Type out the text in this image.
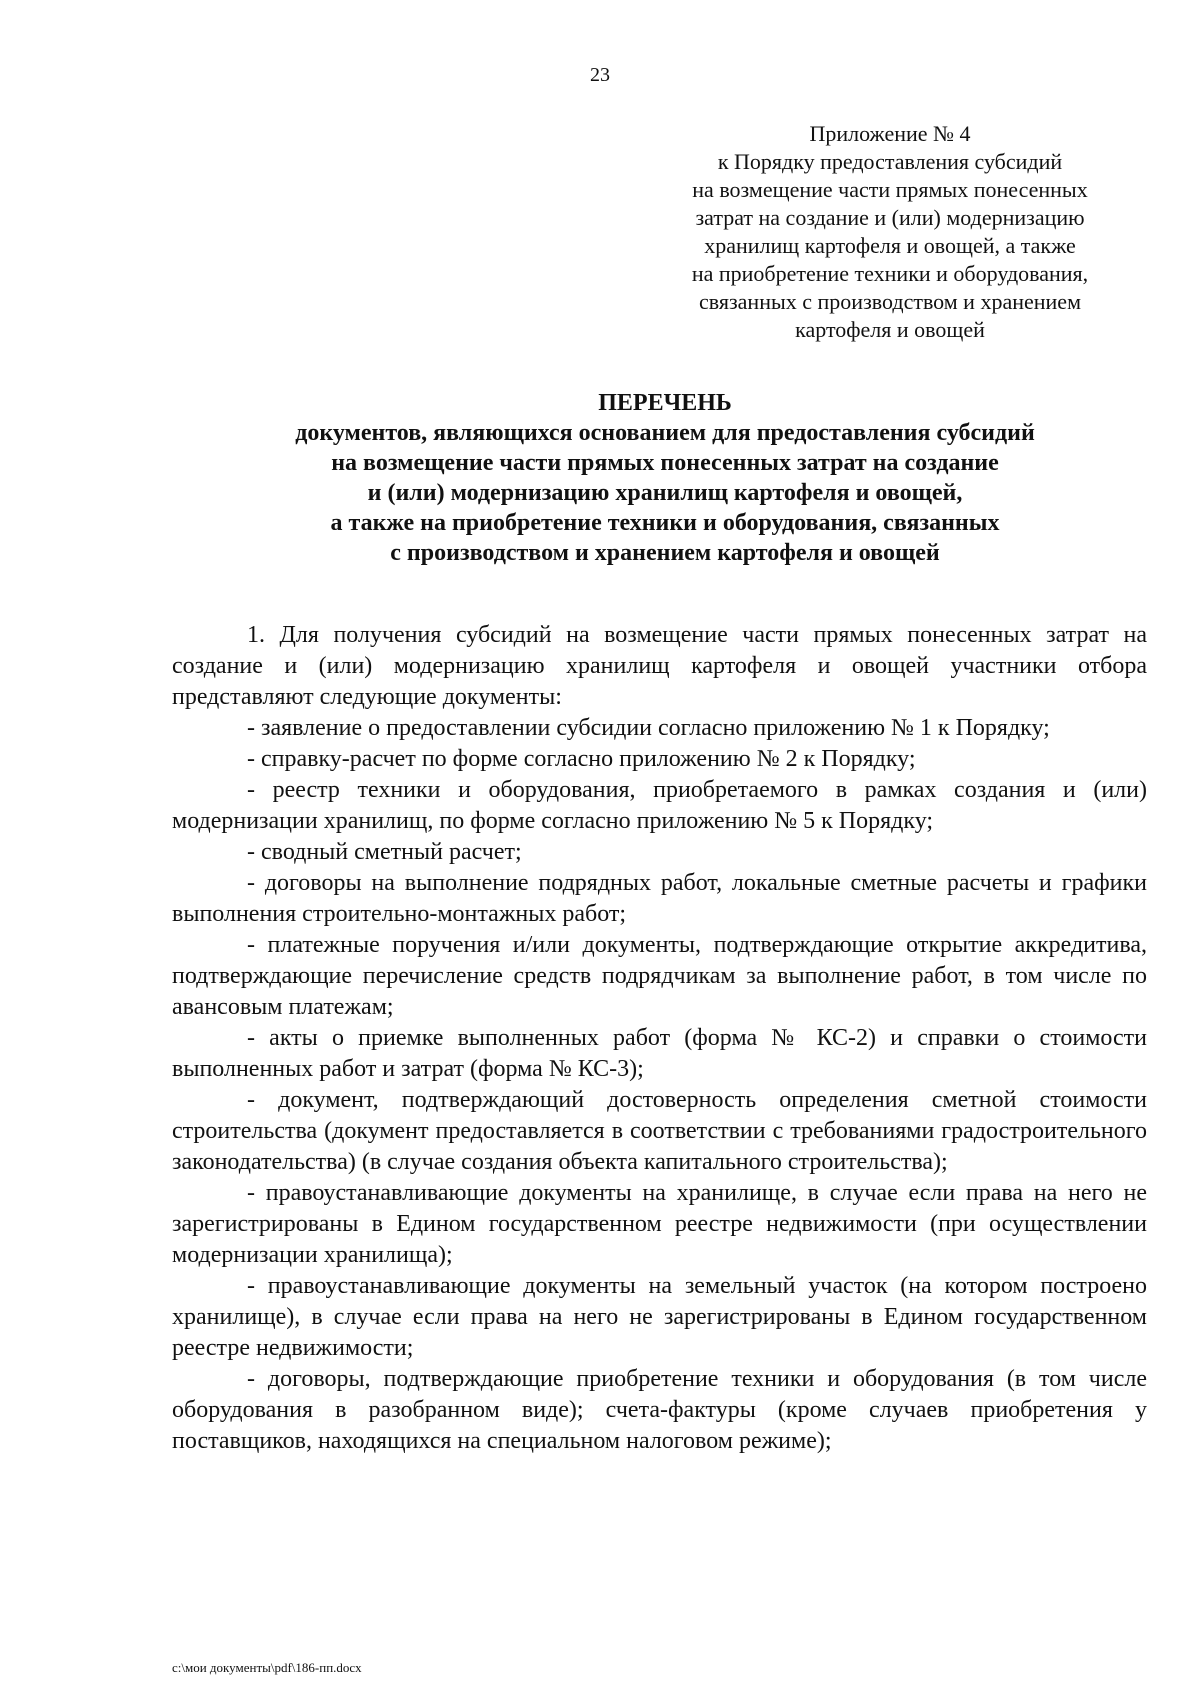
23
Приложение № 4
к Порядку предоставления субсидий
на возмещение части прямых понесенных
затрат на создание и (или) модернизацию
хранилищ картофеля и овощей, а также
на приобретение техники и оборудования,
связанных с производством и хранением
картофеля и овощей
ПЕРЕЧЕНЬ
документов, являющихся основанием для предоставления субсидий
на возмещение части прямых понесенных затрат на создание
и (или) модернизацию хранилищ картофеля и овощей,
а также на приобретение техники и оборудования, связанных
с производством и хранением картофеля и овощей

1. Для получения субсидий на возмещение части прямых понесенных затрат на создание и (или) модернизацию хранилищ картофеля и овощей участники отбора представляют следующие документы:

- заявление о предоставлении субсидии согласно приложению № 1 к Порядку;

- справку-расчет по форме согласно приложению № 2 к Порядку;

- реестр техники и оборудования, приобретаемого в рамках создания и (или) модернизации хранилищ, по форме согласно приложению № 5 к Порядку;

- сводный сметный расчет;

- договоры на выполнение подрядных работ, локальные сметные расчеты и графики выполнения строительно-монтажных работ;

- платежные поручения и/или документы, подтверждающие открытие аккредитива, подтверждающие перечисление средств подрядчикам за выполнение работ, в том числе по авансовым платежам;

- акты о приемке выполненных работ (форма № КС-2) и справки о стоимости выполненных работ и затрат (форма № КС-3);

- документ, подтверждающий достоверность определения сметной стоимости строительства (документ предоставляется в соответствии с требованиями градостроительного законодательства) (в случае создания объекта капитального строительства);

- правоустанавливающие документы на хранилище, в случае если права на него не зарегистрированы в Едином государственном реестре недвижимости (при осуществлении модернизации хранилища);

- правоустанавливающие документы на земельный участок (на котором построено хранилище), в случае если права на него не зарегистрированы в Едином государственном реестре недвижимости;

- договоры, подтверждающие приобретение техники и оборудования (в том числе оборудования в разобранном виде); счета-фактуры (кроме случаев приобретения у поставщиков, находящихся на специальном налоговом режиме);

c:\мои документы\pdf\186-пп.docx
